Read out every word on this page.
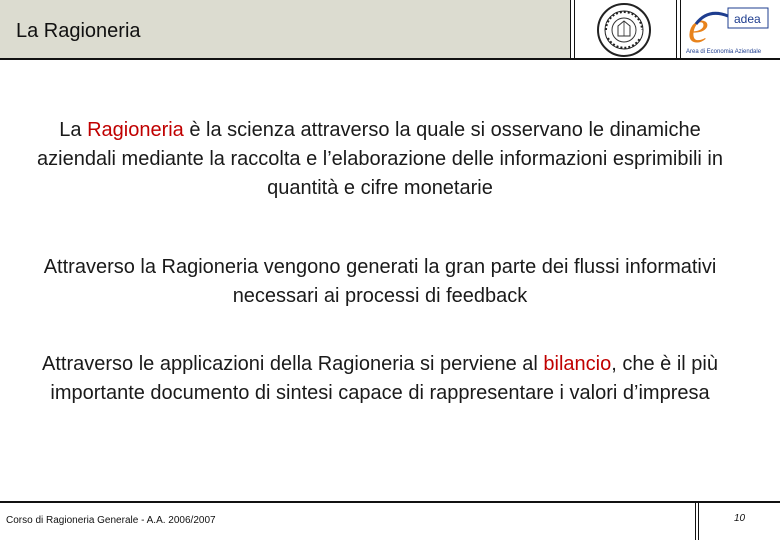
La Ragioneria	e adea
Area di Economia Aziendale
La Ragioneria è la scienza attraverso la quale si osservano le dinamiche aziendali mediante la raccolta e l’elaborazione delle informazioni esprimibili in quantità e cifre monetarie
Attraverso la Ragioneria vengono generati la gran parte dei flussi informativi necessari ai processi di feedback
Attraverso le applicazioni della Ragioneria si perviene al bilancio, che è il più importante documento di sintesi capace di rappresentare i valori d’impresa
Corso di Ragioneria Generale - A.A. 2006/2007	10
